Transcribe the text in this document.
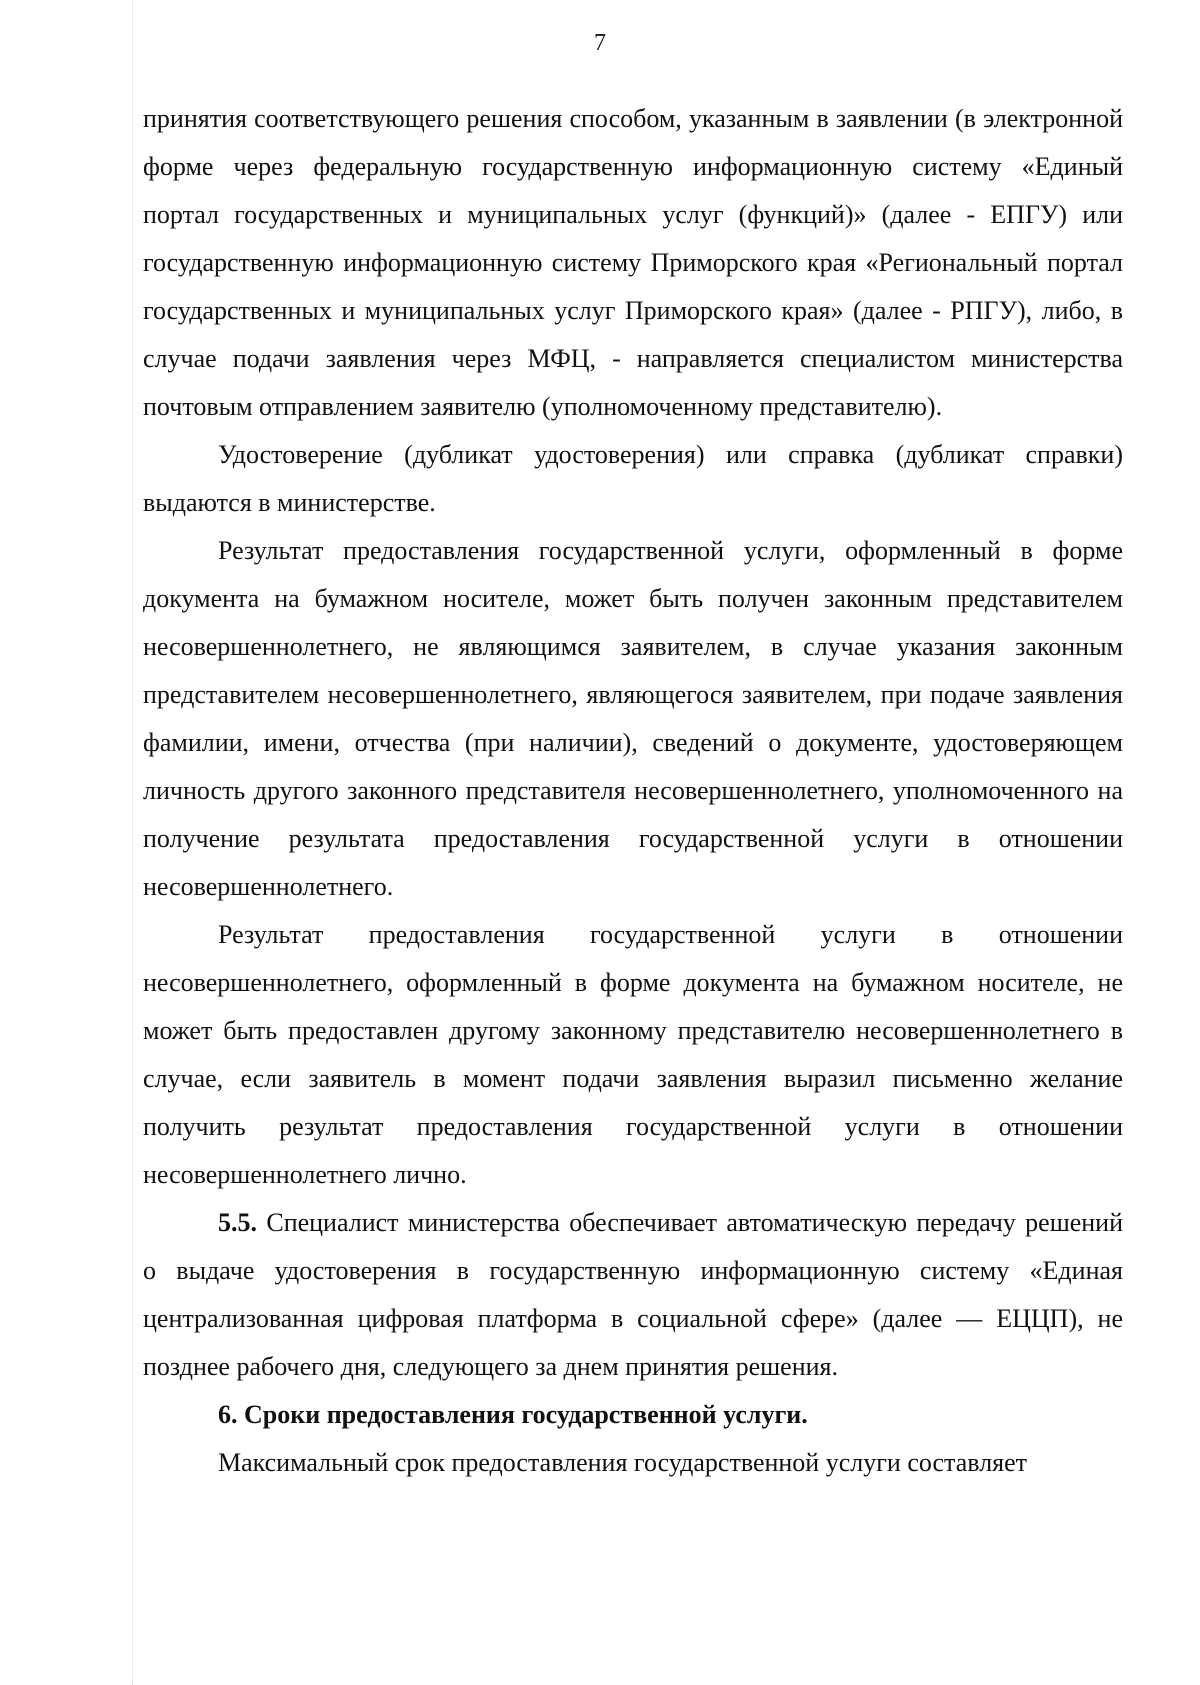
7

принятия соответствующего решения способом, указанным в заявлении (в электронной форме через федеральную государственную информационную систему «Единый портал государственных и муниципальных услуг (функций)» (далее - ЕПГУ) или государственную информационную систему Приморского края «Региональный портал государственных и муниципальных услуг Приморского края» (далее - РПГУ), либо, в случае подачи заявления через МФЦ, - направляется специалистом министерства почтовым отправлением заявителю (уполномоченному представителю).

Удостоверение (дубликат удостоверения) или справка (дубликат справки) выдаются в министерстве.

Результат предоставления государственной услуги, оформленный в форме документа на бумажном носителе, может быть получен законным представителем несовершеннолетнего, не являющимся заявителем, в случае указания законным представителем несовершеннолетнего, являющегося заявителем, при подаче заявления фамилии, имени, отчества (при наличии), сведений о документе, удостоверяющем личность другого законного представителя несовершеннолетнего, уполномоченного на получение результата предоставления государственной услуги в отношении несовершеннолетнего.

Результат предоставления государственной услуги в отношении несовершеннолетнего, оформленный в форме документа на бумажном носителе, не может быть предоставлен другому законному представителю несовершеннолетнего в случае, если заявитель в момент подачи заявления выразил письменно желание получить результат предоставления государственной услуги в отношении несовершеннолетнего лично.

5.5. Специалист министерства обеспечивает автоматическую передачу решений о выдаче удостоверения в государственную информационную систему «Единая централизованная цифровая платформа в социальной сфере» (далее — ЕЦЦП), не позднее рабочего дня, следующего за днем принятия решения.

6. Сроки предоставления государственной услуги.

Максимальный срок предоставления государственной услуги составляет
